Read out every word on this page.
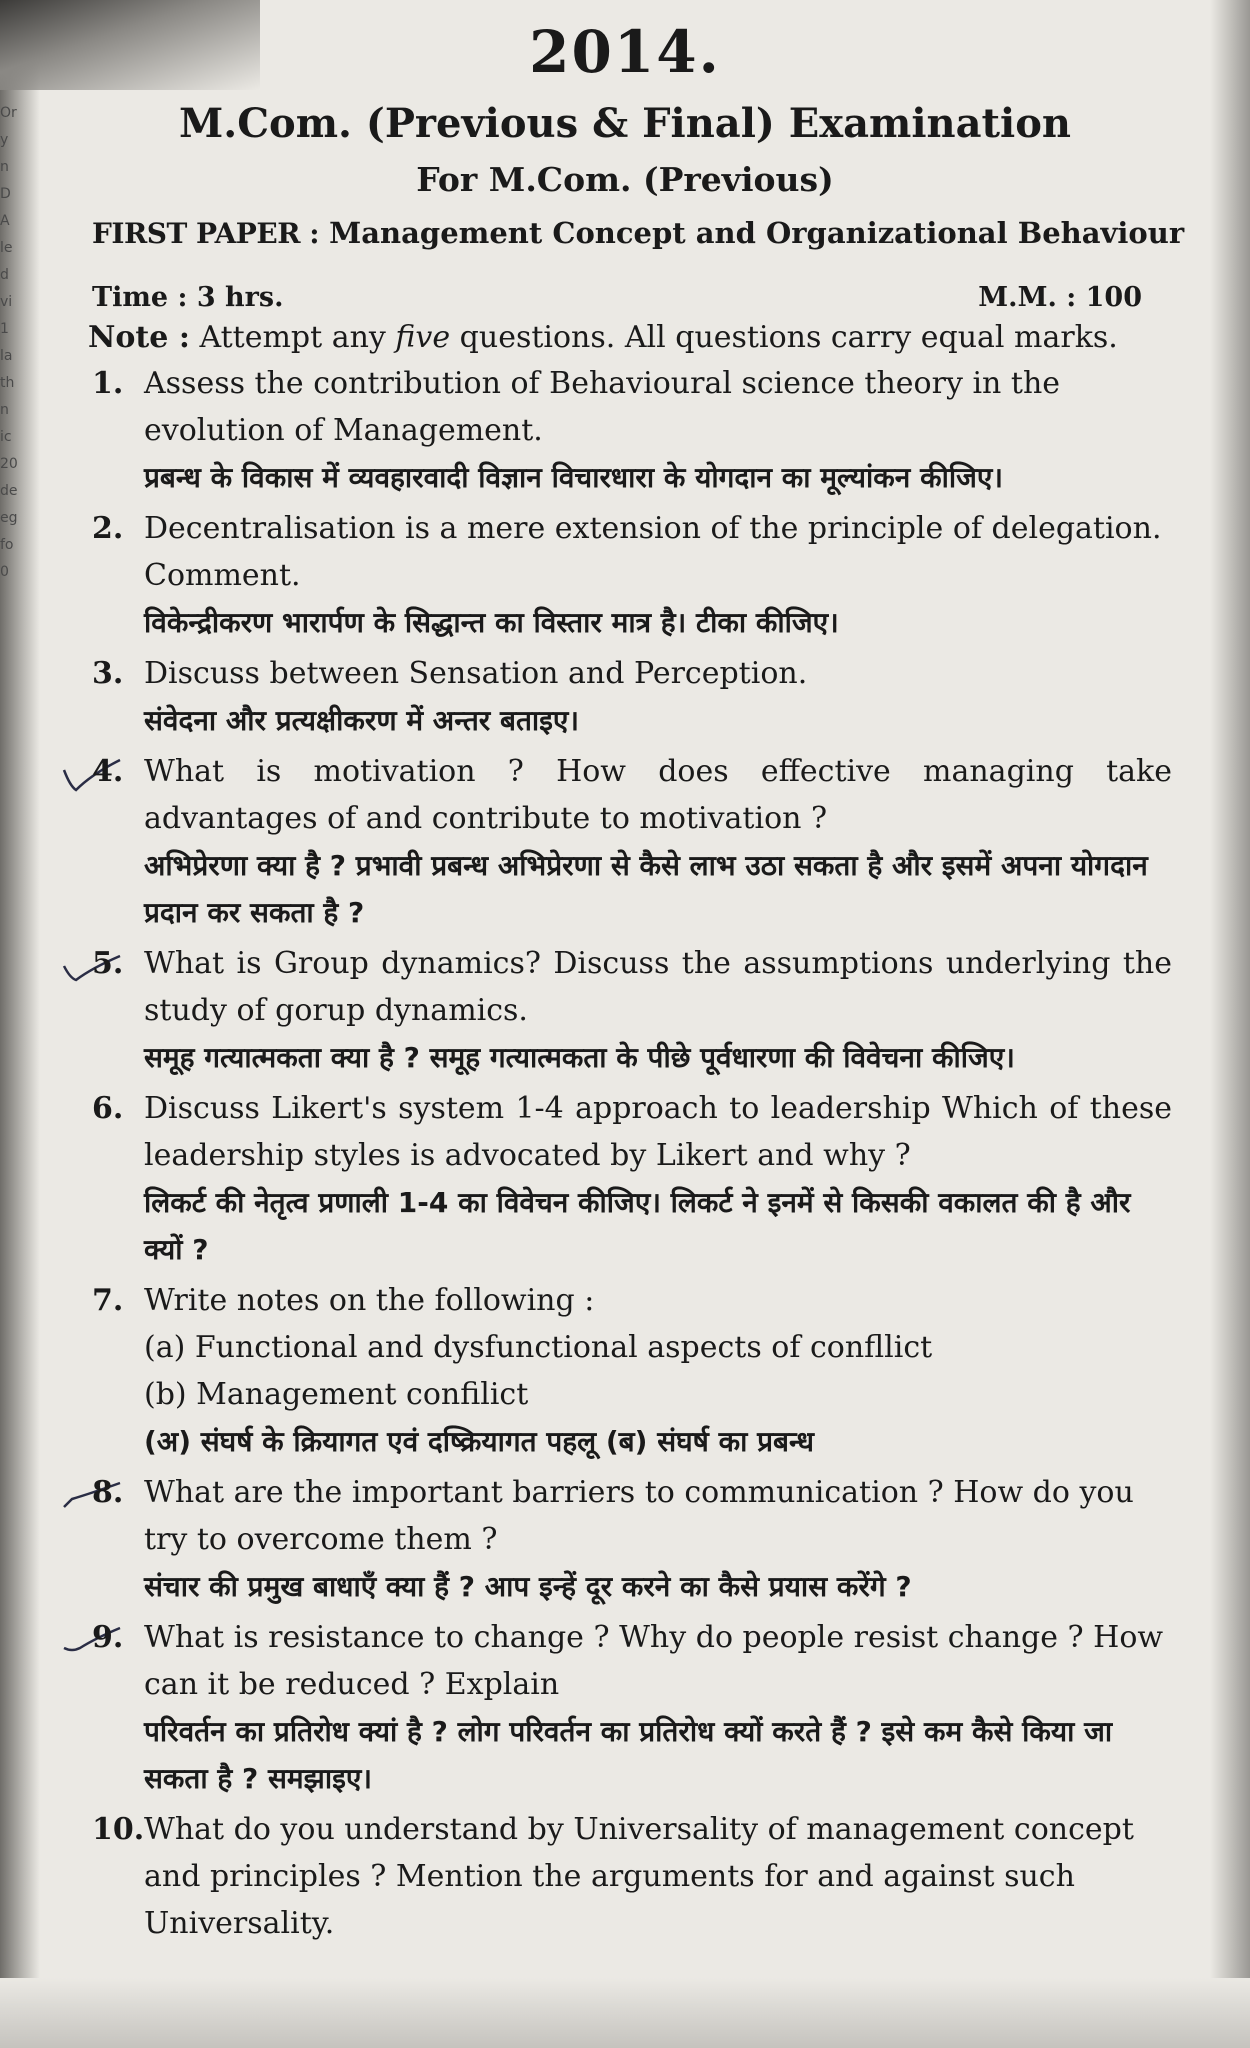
Or
y
n
D
A
le
d
vi
1
la
th
n
ic
20
de
eg
fo
0
2014.
M.Com. (Previous & Final) Examination
For M.Com. (Previous)
FIRST PAPER : Management Concept and Organizational Behaviour
Time : 3 hrs.	M.M. : 100
Note : Attempt any five questions. All questions carry equal marks.
1. Assess the contribution of Behavioural science theory in the evolution of Management.
प्रबन्ध के विकास में व्यवहारवादी विज्ञान विचारधारा के योगदान का मूल्यांकन कीजिए।
2. Decentralisation is a mere extension of the principle of delegation. Comment.
विकेन्द्रीकरण भारार्पण के सिद्धान्त का विस्तार मात्र है। टीका कीजिए।
3. Discuss between Sensation and Perception.
संवेदना और प्रत्यक्षीकरण में अन्तर बताइए।
4. What is motivation ? How does effective managing take advantages of and contribute to motivation ?
अभिप्रेरणा क्या है ? प्रभावी प्रबन्ध अभिप्रेरणा से कैसे लाभ उठा सकता है और इसमें अपना योगदान प्रदान कर सकता है ?
5. What is Group dynamics? Discuss the assumptions underlying the study of gorup dynamics.
समूह गत्यात्मकता क्या है ? समूह गत्यात्मकता के पीछे पूर्वधारणा की विवेचना कीजिए।
6. Discuss Likert's system 1-4 approach to leadership Which of these leadership styles is advocated by Likert and why ?
लिकर्ट की नेतृत्व प्रणाली 1-4 का विवेचन कीजिए। लिकर्ट ने इनमें से किसकी वकालत की है और क्यों ?
7. Write notes on the following :
(a) Functional and dysfunctional aspects of confllict
(b) Management confilict
(अ) संघर्ष के क्रियागत एवं दष्क्रियागत पहलू (ब) संघर्ष का प्रबन्ध
8. What are the important barriers to communication ? How do you try to overcome them ?
संचार की प्रमुख बाधाएँ क्या हैं ? आप इन्हें दूर करने का कैसे प्रयास करेंगे ?
9. What is resistance to change ? Why do people resist change ? How can it be reduced ? Explain
परिवर्तन का प्रतिरोध क्यां है ? लोग परिवर्तन का प्रतिरोध क्यों करते हैं ? इसे कम कैसे किया जा सकता है ? समझाइए।
10. What do you understand by Universality of management concept and principles ? Mention the arguments for and against such Universality.
